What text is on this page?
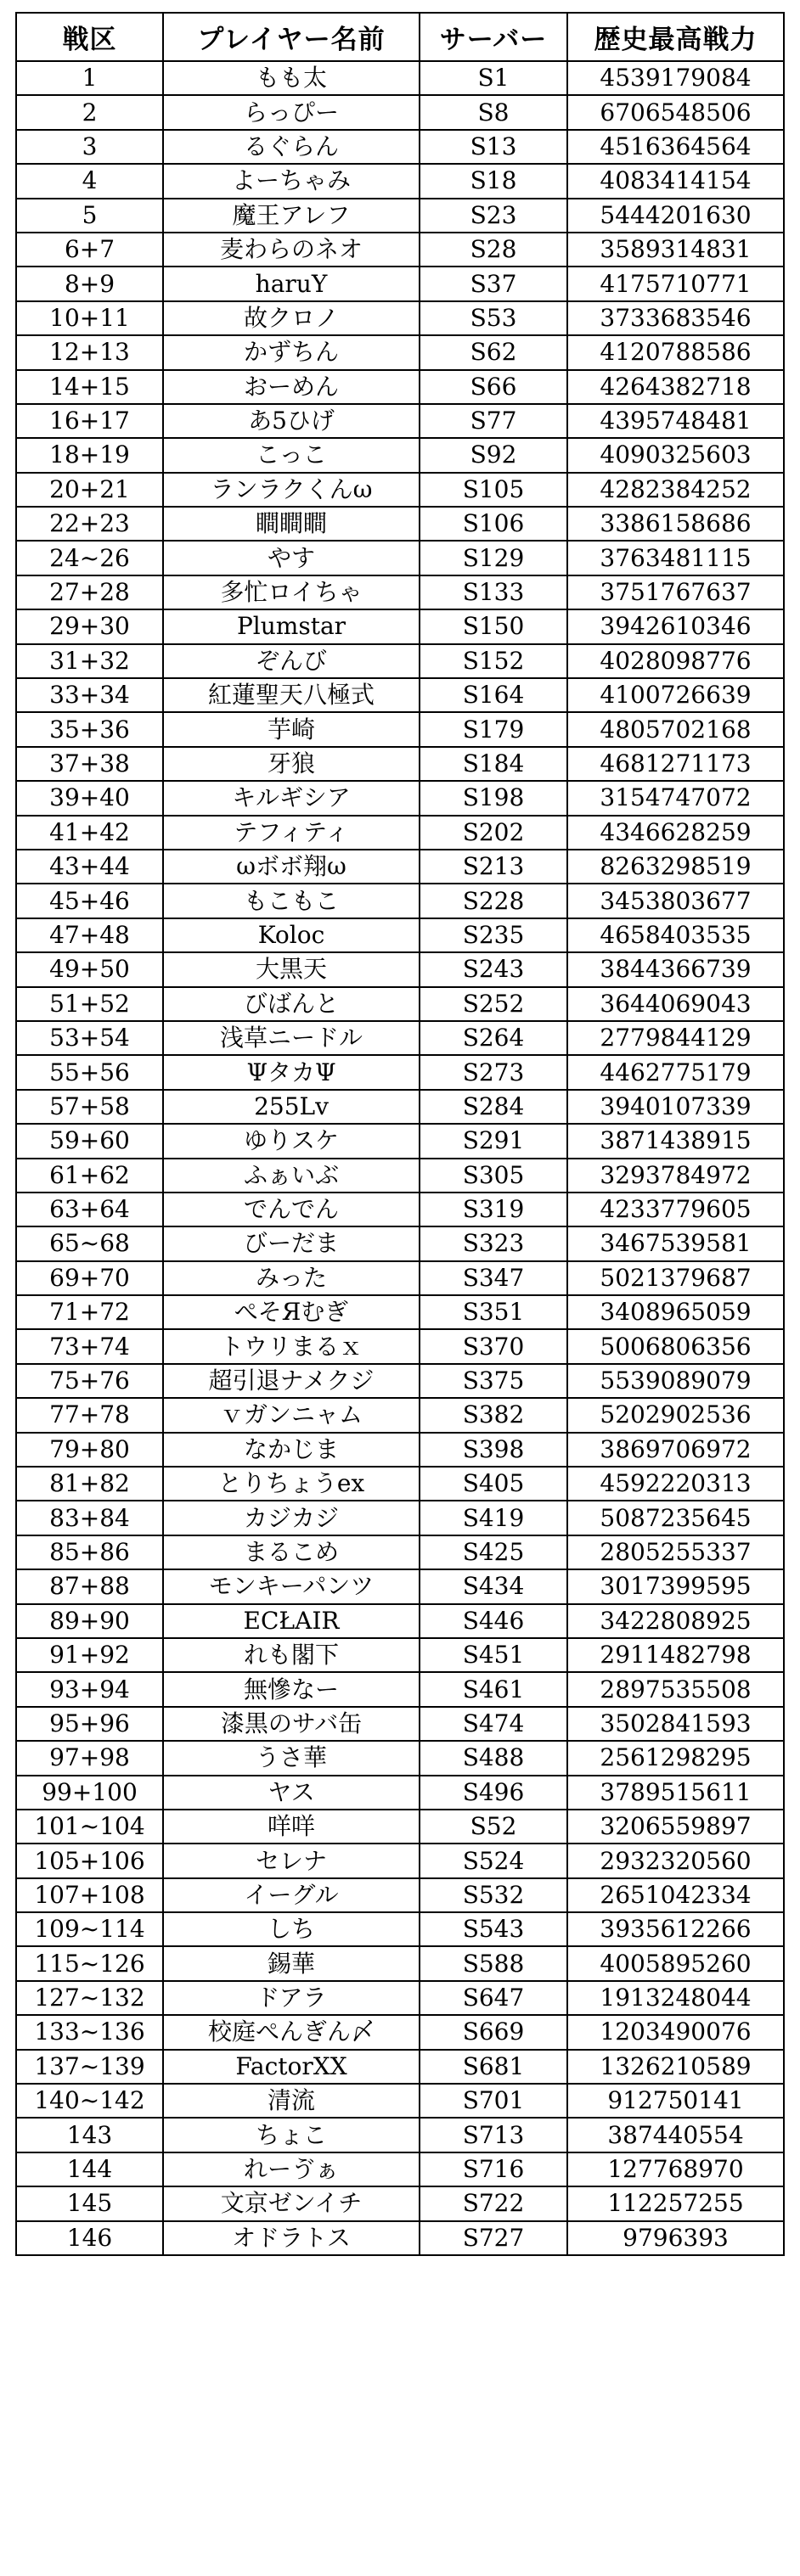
戦区	プレイヤー名前	サーバー	歴史最高戦力
1	もも太	S1	4539179084
2	らっぴー	S8	6706548506
3	るぐらん	S13	4516364564
4	よーちゃみ	S18	4083414154
5	魔王アレフ	S23	5444201630
6+7	麦わらのネオ	S28	3589314831
8+9	haruY	S37	4175710771
10+11	故クロノ	S53	3733683546
12+13	かずちん	S62	4120788586
14+15	おーめん	S66	4264382718
16+17	あ5ひげ	S77	4395748481
18+19	こっこ	S92	4090325603
20+21	ランラクくんω	S105	4282384252
22+23	瞷瞷瞷	S106	3386158686
24~26	やす	S129	3763481115
27+28	多忙ロイちゃ	S133	3751767637
29+30	Plumstar	S150	3942610346
31+32	ぞんび	S152	4028098776
33+34	紅蓮聖天八極式	S164	4100726639
35+36	芋崎	S179	4805702168
37+38	牙狼	S184	4681271173
39+40	キルギシア	S198	3154747072
41+42	テフィティ	S202	4346628259
43+44	ωボボ翔ω	S213	8263298519
45+46	もこもこ	S228	3453803677
47+48	Koloc	S235	4658403535
49+50	大黒天	S243	3844366739
51+52	びばんと	S252	3644069043
53+54	浅草ニードル	S264	2779844129
55+56	ΨタカΨ	S273	4462775179
57+58	255Lv	S284	3940107339
59+60	ゆりスケ	S291	3871438915
61+62	ふぁいぶ	S305	3293784972
63+64	でんでん	S319	4233779605
65~68	びーだま	S323	3467539581
69+70	みった	S347	5021379687
71+72	ぺそЯむぎ	S351	3408965059
73+74	トウリまるｘ	S370	5006806356
75+76	超引退ナメクジ	S375	5539089079
77+78	ｖガンニャム	S382	5202902536
79+80	なかじま	S398	3869706972
81+82	とりちょうex	S405	4592220313
83+84	カジカジ	S419	5087235645
85+86	まるこめ	S425	2805255337
87+88	モンキーパンツ	S434	3017399595
89+90	ECŁAIR	S446	3422808925
91+92	れも閣下	S451	2911482798
93+94	無慘なー	S461	2897535508
95+96	漆黒のサバ缶	S474	3502841593
97+98	うさ華	S488	2561298295
99+100	ヤス	S496	3789515611
101~104	咩咩	S52	3206559897
105+106	セレナ	S524	2932320560
107+108	イーグル	S532	2651042334
109~114	しち	S543	3935612266
115~126	錫華	S588	4005895260
127~132	ドアラ	S647	1913248044
133~136	校庭ぺんぎん〆	S669	1203490076
137~139	FactorXX	S681	1326210589
140~142	清流	S701	912750141
143	ちょこ	S713	387440554
144	れーゔぁ	S716	127768970
145	文京ゼンイチ	S722	112257255
146	オドラトス	S727	9796393
